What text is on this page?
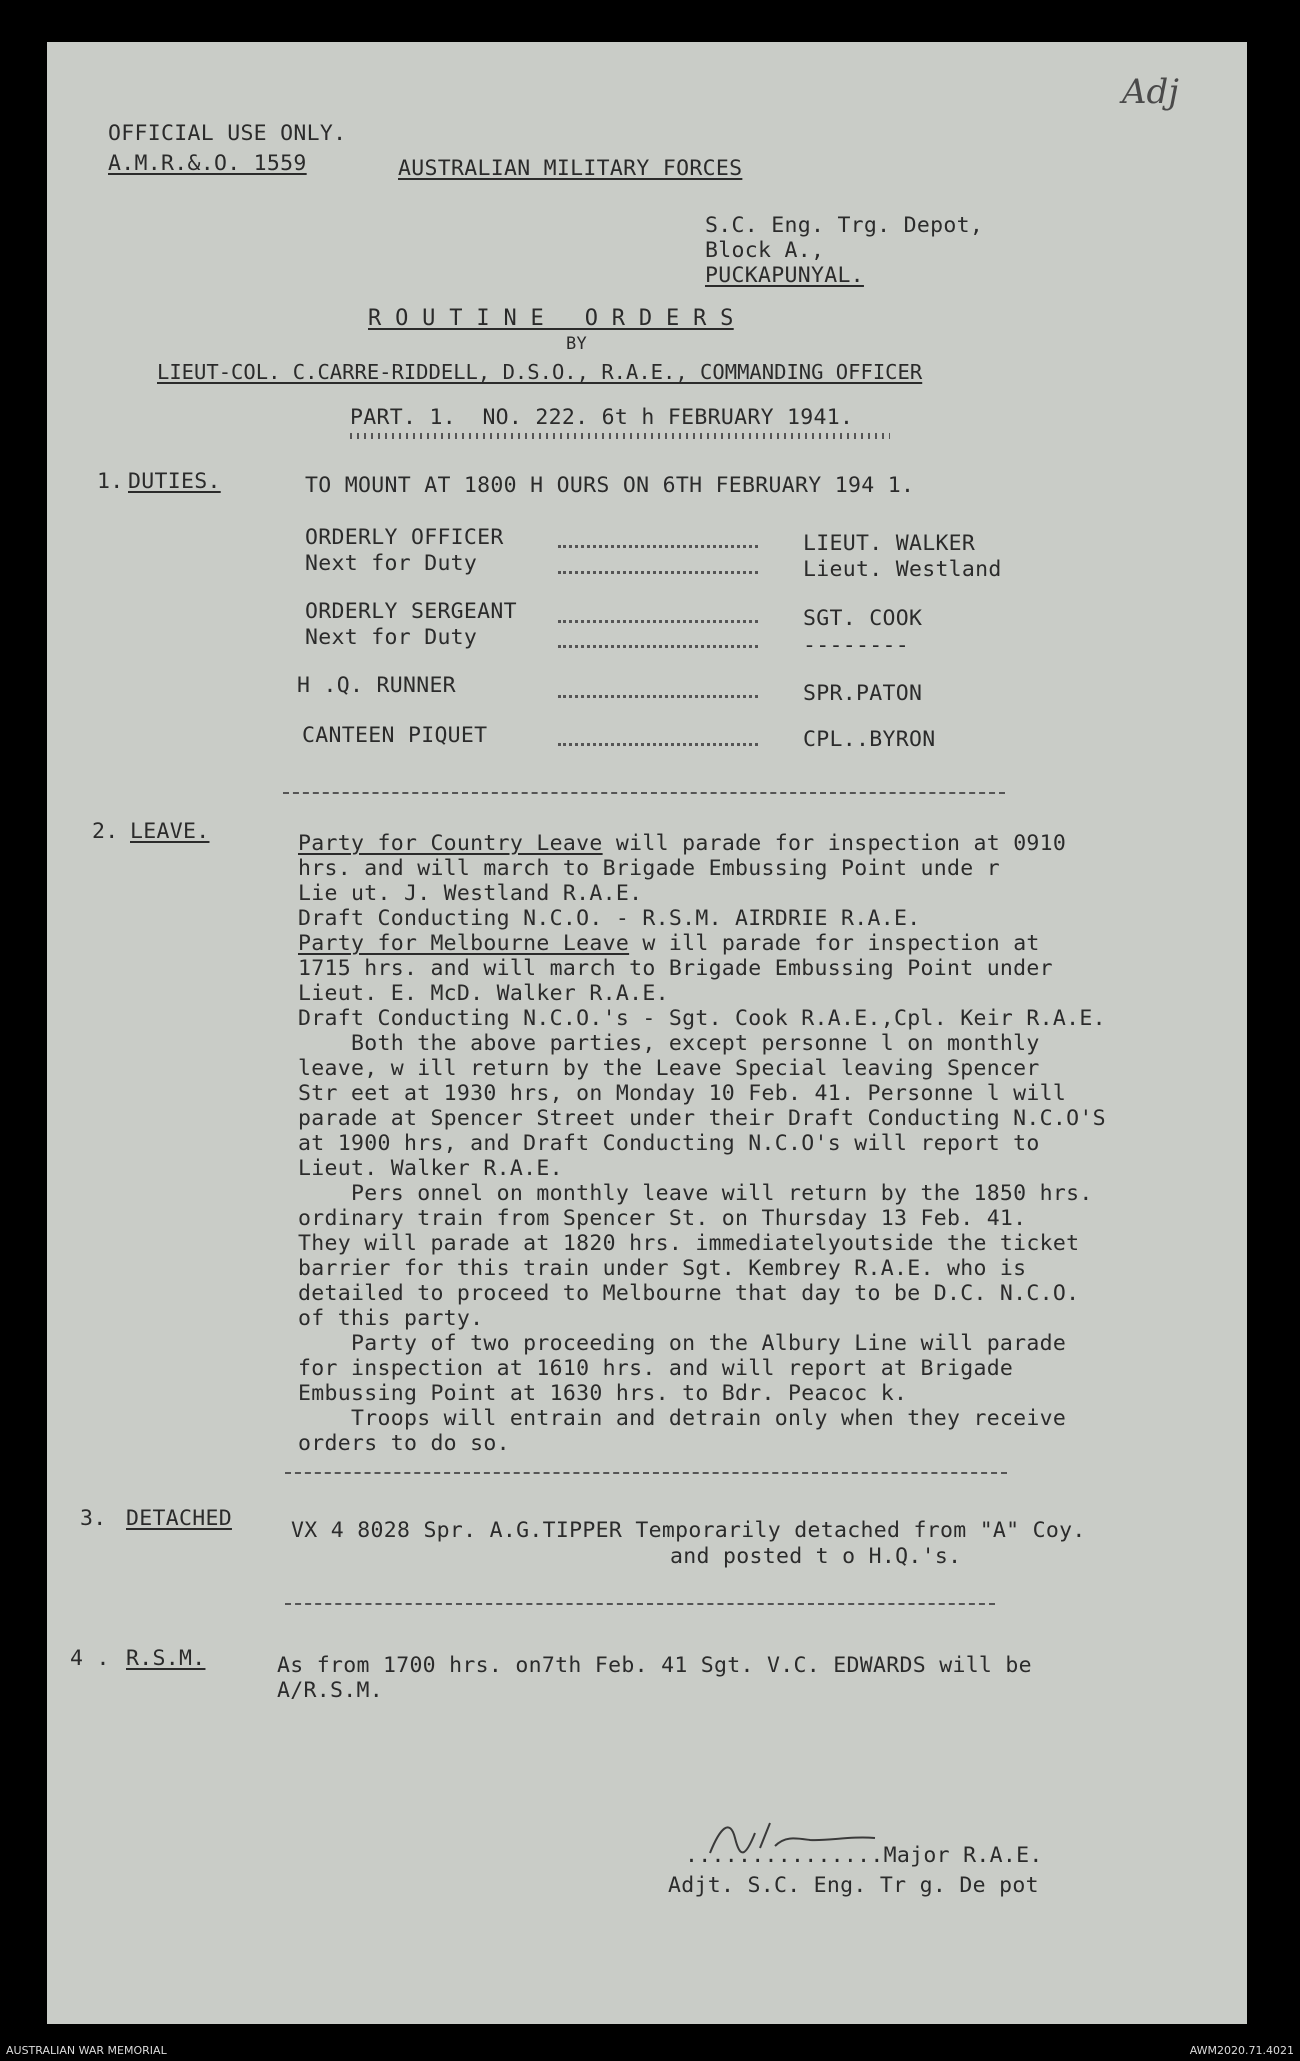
OFFICIAL USE ONLY.
A.M.R.&.O. 1559	AUSTRALIAN MILITARY FORCES
Adj
S.C. Eng. Trg. Depot,
Block A.,
PUCKAPUNYAL.
R O U T I N E   O R D E R S
BY
LIEUT-COL. C.CARRE-RIDDELL, D.S.O., R.A.E., COMMANDING OFFICER
PART. 1.  NO. 222. 6t h FEBRUARY 1941.
1. DUTIES.	TO MOUNT AT 1800 H OURS ON 6TH FEBRUARY 194 1.
ORDERLY OFFICER	LIEUT. WALKER
Next for Duty	Lieut. Westland
ORDERLY SERGEANT	SGT. COOK
Next for Duty	--------
H .Q. RUNNER	SPR.PATON
CANTEEN PIQUET	CPL..BYRON
2. LEAVE.	Party for Country Leave will parade for inspection at 0910
hrs. and will march to Brigade Embussing Point unde r
Lie ut. J. Westland R.A.E.
Draft Conducting N.C.O. - R.S.M. AIRDRIE R.A.E.
Party for Melbourne Leave w ill parade for inspection at
1715 hrs. and will march to Brigade Embussing Point under
Lieut. E. McD. Walker R.A.E.
Draft Conducting N.C.O.'s - Sgt. Cook R.A.E.,Cpl. Keir R.A.E.
Both the above parties, except personne l on monthly
leave, w ill return by the Leave Special leaving Spencer
Str eet at 1930 hrs, on Monday 10 Feb. 41. Personne l will
parade at Spencer Street under their Draft Conducting N.C.O'S
at 1900 hrs, and Draft Conducting N.C.O's will report to
Lieut. Walker R.A.E.
Pers onnel on monthly leave will return by the 1850 hrs.
ordinary train from Spencer St. on Thursday 13 Feb. 41.
They will parade at 1820 hrs. immediatelyoutside the ticket
barrier for this train under Sgt. Kembrey R.A.E. who is
detailed to proceed to Melbourne that day to be D.C. N.C.O.
of this party.
Party of two proceeding on the Albury Line will parade
for inspection at 1610 hrs. and will report at Brigade
Embussing Point at 1630 hrs. to Bdr. Peacoc k.
Troops will entrain and detrain only when they receive
orders to do so.
3. DETACHED	VX 4 8028 Spr. A.G.TIPPER Temporarily detached from "A" Coy.
and posted t o H.Q.'s.
4 . R.S.M.	As from 1700 hrs. on7th Feb. 41 Sgt. V.C. EDWARDS will be
A/R.S.M.
...............Major R.A.E.
Adjt. S.C. Eng. Tr g. De pot
AUSTRALIAN WAR MEMORIAL	AWM2020.71.4021
